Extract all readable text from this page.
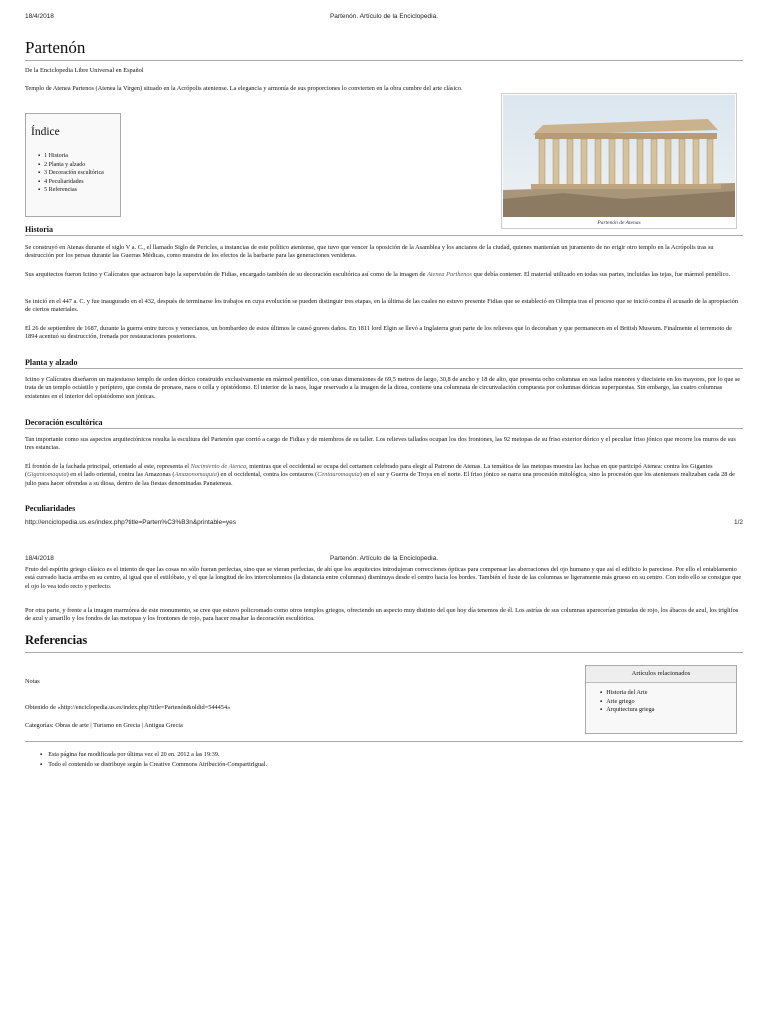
18/4/2018	Partenón. Artículo de la Enciclopedia.
Partenón

De la Enciclopedia Libre Universal en Español

Templo de Atenea Partenos (Atenea la Virgen) situado en la Acrópolis ateniense. La elegancia y armonía de sus proporciones lo convierten en la obra cumbre del arte clásico.

Partenón de Atenas
Índice
▪ 1 Historia
▪ 2 Planta y alzado
▪ 3 Decoración escultórica
▪ 4 Peculiaridades
▪ 5 Referencias
Historia

Se construyó en Atenas durante el siglo V a. C., el llamado Siglo de Pericles, a instancias de este político ateniense, que tuvo que vencer la oposición de la Asamblea y los ancianos de la ciudad, quienes mantenían un juramento de no erigir otro templo en la Acrópolis tras su destrucción por los persas durante las Guerras Médicas, como muestra de los efectos de la barbarie para las generaciones venideras.

Sus arquitectos fueron Ictino y Calícrates que actuaron bajo la supervisión de Fidias, encargado también de su decoración escultórica así como de la imagen de Atenea Parthenos que debía contener. El material utilizado en todas sus partes, incluidas las tejas, fue mármol pentélico.

Se inició en el 447 a. C. y fue inaugurado en el 432, después de terminarse los trabajos en cuya evolución se pueden distinguir tres etapas, en la última de las cuales no estuvo presente Fidias que se estableció en Olimpia tras el proceso que se inició contra él acusado de la apropiación de ciertos materiales.

El 26 de septiembre de 1687, durante la guerra entre turcos y venecianos, un bombardeo de estos últimos le causó graves daños. En 1811 lord Elgin se llevó a Inglaterra gran parte de los relieves que lo decoraban y que permanecen en el British Museum. Finalmente el terremoto de 1894 acentuó su destrucción, frenada por restauraciones posteriores.

Planta y alzado

Ictino y Calícrates diseñaron un majestuoso templo de orden dórico construido exclusivamente en mármol pentélico, con unas dimensiones de 69,5 metros de largo, 30,8 de ancho y 18 de alto, que presenta ocho columnas en sus lados menores y diecisiete en los mayores, por lo que se trata de un templo octástilo y períptero, que consta de pronaos, naos o cella y opistódomo. El interior de la naos, lugar reservado a la imagen de la diosa, contiene una columnata de circunvalación compuesta por columnas dóricas superpuestas. Sin embargo, las cuatro columnas existentes en el interior del opistódomo son jónicas.

Decoración escultórica

Tan importante como sus aspectos arquitectónicos resulta la escultura del Partenón que corrió a cargo de Fidias y de miembros de su taller. Los relieves tallados ocupan los dos frontones, las 92 metopas de su friso exterior dórico y el peculiar friso jónico que recorre los muros de sus tres estancias.

El frontón de la fachada principal, orientado al este, representa el Nacimiento de Atenea, mientras que el occidental se ocupa del certamen celebrado para elegir al Patrono de Atenas. La temática de las metopas muestra las luchas en que participó Atenea: contra los Gigantes (Gigantomaquia) en el lado oriental, contra las Amazonas (Amazonomaquia) en el occidental, contra los centauros (Centauromaquia) en el sur y Guerra de Troya en el norte. El friso jónico se narra una procesión mitológica, sino la procesión que los atenienses realizaban cada 28 de julio para hacer ofrendas a su diosa, dentro de las fiestas denominadas Panateneas.

Peculiaridades
http://enciclopedia.us.es/index.php?title=Parten%C3%B3n&printable=yes	1/2
18/4/2018	Partenón. Artículo de la Enciclopedia.

Fruto del espíritu griego clásico es el intento de que las cosas no sólo fueran perfectas, sino que se vieran perfectas, de ahí que los arquitectos introdujeran correcciones ópticas para compensar las aberraciones del ojo humano y que así el edificio lo pareciese. Por ello el entablamento está curvado hacia arriba en su centro, al igual que el estilóbato, y el que la longitud de los intercolumnios (la distancia entre columnas) disminuya desde el centro hacia los bordes. También el fuste de las columnas se ligeramente más grueso en su centro. Con todo ello se consigue que el ojo lo vea todo recto y perfecto.

Por otra parte, y frente a la imagen marmórea de este monumento, se cree que estuvo policromado como otros templos griegos, ofreciendo un aspecto muy distinto del que hoy día tenemos de él. Los astrías de sus columnas aparecerían pintadas de rojo, los ábacos de azul, los triglifos de azul y amarillo y los fondos de las metopas y los frontones de rojo, para hacer resaltar la decoración escultórica.

Referencias

Notas

Artículos relacionados
▪ Historia del Arte
▪ Arte griego
▪ Arquitectura griega

Obtenido de «http://enciclopedia.us.es/index.php?title=Partenón&oldid=544454»

Categorías: Obras de arte | Turismo en Grecia | Antigua Grecia

▪ Esta página fue modificada por última vez el 20 en. 2012 a las 19:39.
▪ Todo el contenido se distribuye según la Creative Commons Atribución-CompartirIgual.
